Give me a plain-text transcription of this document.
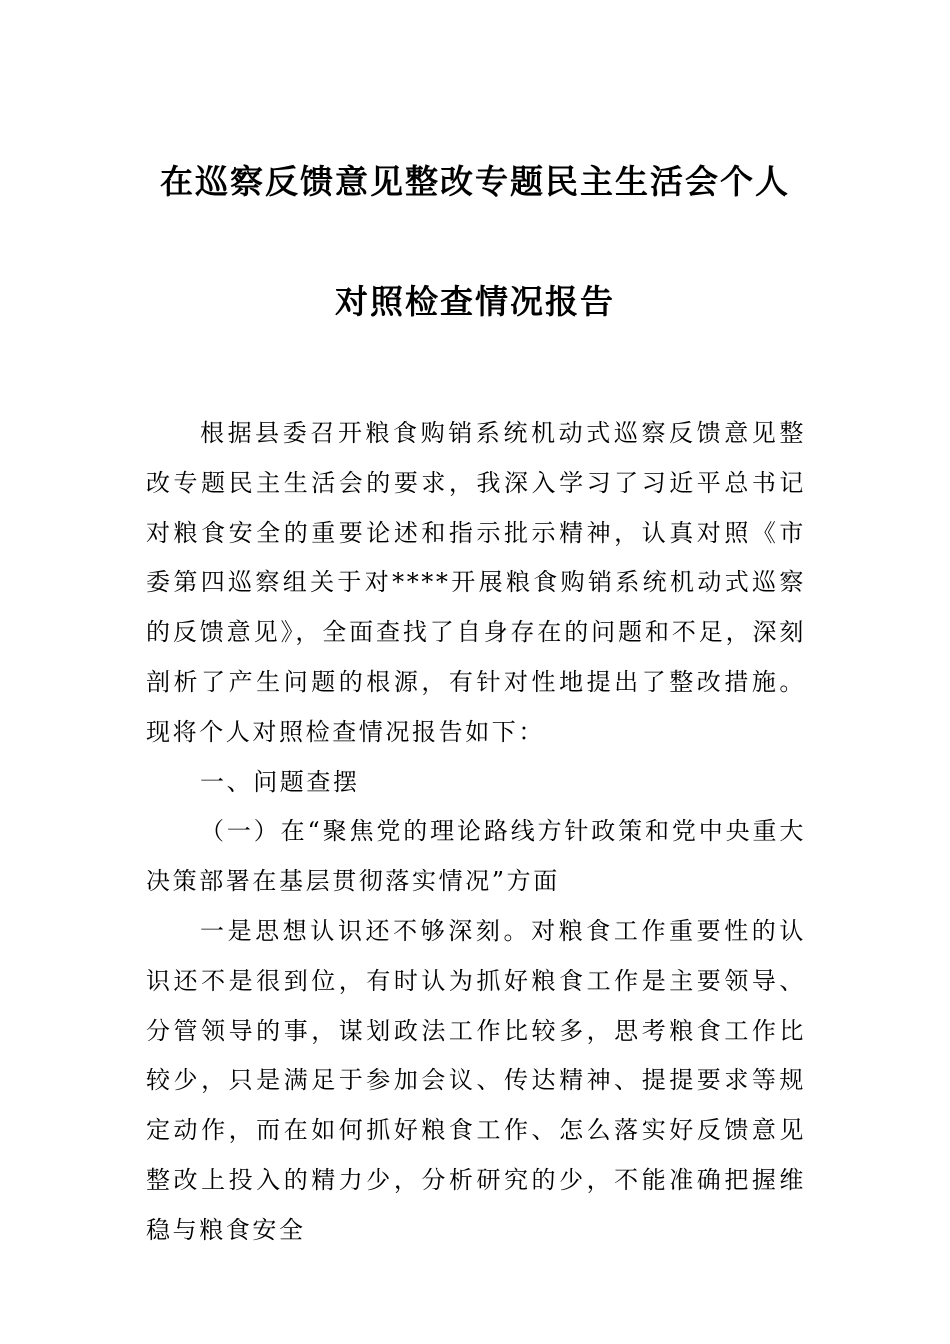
在巡察反馈意见整改专题民主生活会个人
对照检查情况报告

根据县委召开粮食购销系统机动式巡察反馈意见整改专题民主生活会的要求，我深入学习了习近平总书记对粮食安全的重要论述和指示批示精神，认真对照《市委第四巡察组关于对****开展粮食购销系统机动式巡察的反馈意见》，全面查找了自身存在的问题和不足，深刻剖析了产生问题的根源，有针对性地提出了整改措施。现将个人对照检查情况报告如下：

一、问题查摆

（一）在“聚焦党的理论路线方针政策和党中央重大决策部署在基层贯彻落实情况”方面

一是思想认识还不够深刻。对粮食工作重要性的认识还不是很到位，有时认为抓好粮食工作是主要领导、分管领导的事，谋划政法工作比较多，思考粮食工作比较少，只是满足于参加会议、传达精神、提提要求等规定动作，而在如何抓好粮食工作、怎么落实好反馈意见整改上投入的精力少，分析研究的少，不能准确把握维稳与粮食安全
